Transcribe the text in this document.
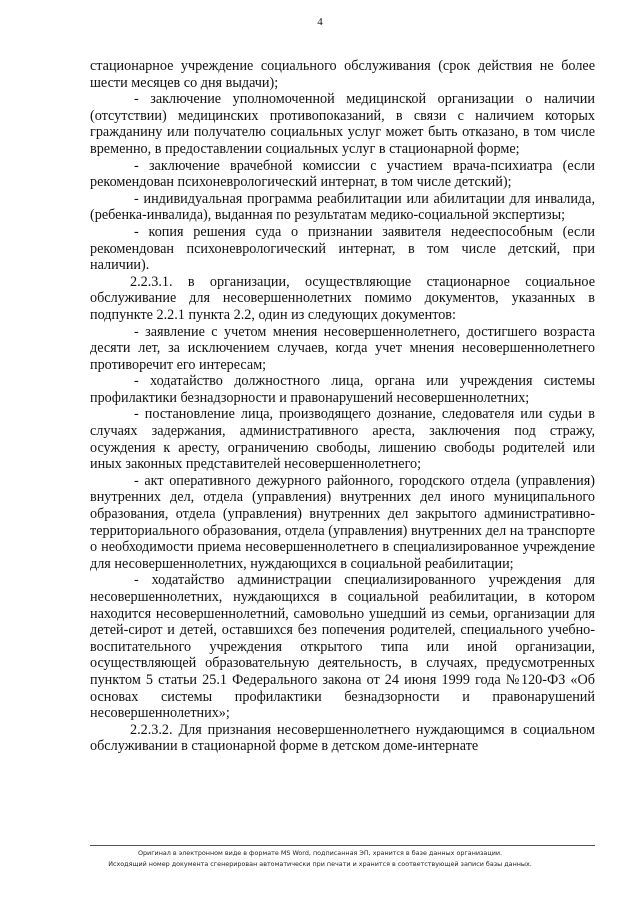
4

стационарное учреждение социального обслуживания (срок действия не более шести месяцев со дня выдачи);

- заключение уполномоченной медицинской организации о наличии (отсутствии) медицинских противопоказаний, в связи с наличием которых гражданину или получателю социальных услуг может быть отказано, в том числе временно, в предоставлении социальных услуг в стационарной форме;

- заключение врачебной комиссии с участием врача-психиатра (если рекомендован психоневрологический интернат, в том числе детский);

- индивидуальная программа реабилитации или абилитации для инвалида, (ребенка-инвалида), выданная по результатам медико-социальной экспертизы;

- копия решения суда о признании заявителя недееспособным (если рекомендован психоневрологический интернат, в том числе детский, при наличии).

2.2.3.1. в организации, осуществляющие стационарное социальное обслуживание для несовершеннолетних помимо документов, указанных в подпункте 2.2.1 пункта 2.2, один из следующих документов:

- заявление с учетом мнения несовершеннолетнего, достигшего возраста десяти лет, за исключением случаев, когда учет мнения несовершеннолетнего противоречит его интересам;

- ходатайство должностного лица, органа или учреждения системы профилактики безнадзорности и правонарушений несовершеннолетних;

- постановление лица, производящего дознание, следователя или судьи в случаях задержания, административного ареста, заключения под стражу, осуждения к аресту, ограничению свободы, лишению свободы родителей или иных законных представителей несовершеннолетнего;

- акт оперативного дежурного районного, городского отдела (управления) внутренних дел, отдела (управления) внутренних дел иного муниципального образования, отдела (управления) внутренних дел закрытого административно-территориального образования, отдела (управления) внутренних дел на транспорте о необходимости приема несовершеннолетнего в специализированное учреждение для несовершеннолетних, нуждающихся в социальной реабилитации;

- ходатайство администрации специализированного учреждения для несовершеннолетних, нуждающихся в социальной реабилитации, в котором находится несовершеннолетний, самовольно ушедший из семьи, организации для детей-сирот и детей, оставшихся без попечения родителей, специального учебно-воспитательного учреждения открытого типа или иной организации, осуществляющей образовательную деятельность, в случаях, предусмотренных пунктом 5 статьи 25.1 Федерального закона от 24 июня 1999 года №120-ФЗ «Об основах системы профилактики безнадзорности и правонарушений несовершеннолетних»;

2.2.3.2. Для признания несовершеннолетнего нуждающимся в социальном обслуживании в стационарной форме в детском доме-интернате

Оригинал в электронном виде в формате MS Word, подписанная ЭП, хранится в базе данных организации.
Исходящий номер документа сгенерирован автоматически при печати и хранится в соответствующей записи базы данных.
